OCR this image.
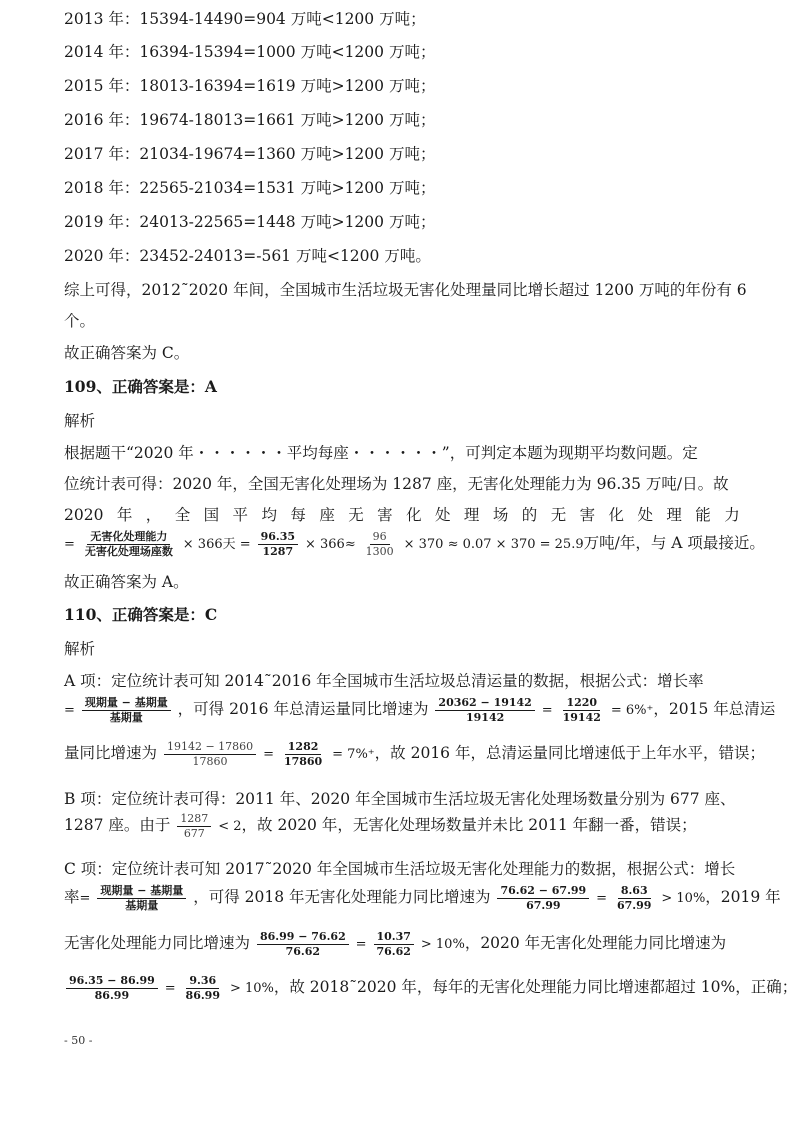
2013 年：15394-14490=904 万吨<1200 万吨；
2014 年：16394-15394=1000 万吨<1200 万吨；
2015 年：18013-16394=1619 万吨>1200 万吨；
2016 年：19674-18013=1661 万吨>1200 万吨；
2017 年：21034-19674=1360 万吨>1200 万吨；
2018 年：22565-21034=1531 万吨>1200 万吨；
2019 年：24013-22565=1448 万吨>1200 万吨；
2020 年：23452-24013=-561 万吨<1200 万吨。
综上可得，2012˜2020 年间，全国城市生活垃圾无害化处理量同比增长超过 1200 万吨的年份有 6
个。
故正确答案为 C。
109、正确答案是：A
解析
根据题干“2020 年・・・・・・平均每座・・・・・・”，可判定本题为现期平均数问题。定
位统计表可得：2020 年，全国无害化处理场为 1287 座，无害化处理能力为 96.35 万吨/日。故
2020 年 ， 全 国 平 均 每 座 无 害 化 处 理 场 的 无 害 化 处 理 能 力
= $\frac{\text{无害化处理能力}}{\text{无害化处理场座数}} \times 366$天 = $\frac{96.35}{1287} \times 366\approx \frac{96}{1300} \times 370 \approx 0.07 \times 370 = 25.9$万吨/年，与 A 项最接近。
故正确答案为 A。
110、正确答案是：C
解析
A 项：定位统计表可知 2014˜2016 年全国城市生活垃圾总清运量的数据，根据公式：增长率
= $\frac{\text{现期量 − 基期量}}{\text{基期量}}$ ，可得 2016 年总清运量同比增速为 $\frac{20362 - 19142}{19142} = \frac{1220}{19142} = 6\%^+$，2015 年总清运
量同比增速为 $\frac{19142 - 17860}{17860} = \frac{1282}{17860} = 7\%^+$，故 2016 年，总清运量同比增速低于上年水平，错误；
B 项：定位统计表可得：2011 年、2020 年全国城市生活垃圾无害化处理场数量分别为 677 座、
1287 座。由于 $\frac{1287}{677} < 2$，故 2020 年，无害化处理场数量并未比 2011 年翻一番，错误；
C 项：定位统计表可知 2017˜2020 年全国城市生活垃圾无害化处理能力的数据，根据公式：增长
率= $\frac{\text{现期量 − 基期量}}{\text{基期量}}$ ，可得 2018 年无害化处理能力同比增速为 $\frac{76.62 - 67.99}{67.99} = \frac{8.63}{67.99} > 10\%$，2019 年
无害化处理能力同比增速为 $\frac{86.99 - 76.62}{76.62} = \frac{10.37}{76.62} > 10\%$，2020 年无害化处理能力同比增速为
$\frac{96.35 - 86.99}{86.99} = \frac{9.36}{86.99} > 10\%$，故 2018˜2020 年，每年的无害化处理能力同比增速都超过 10%，正确；
- 50 -
